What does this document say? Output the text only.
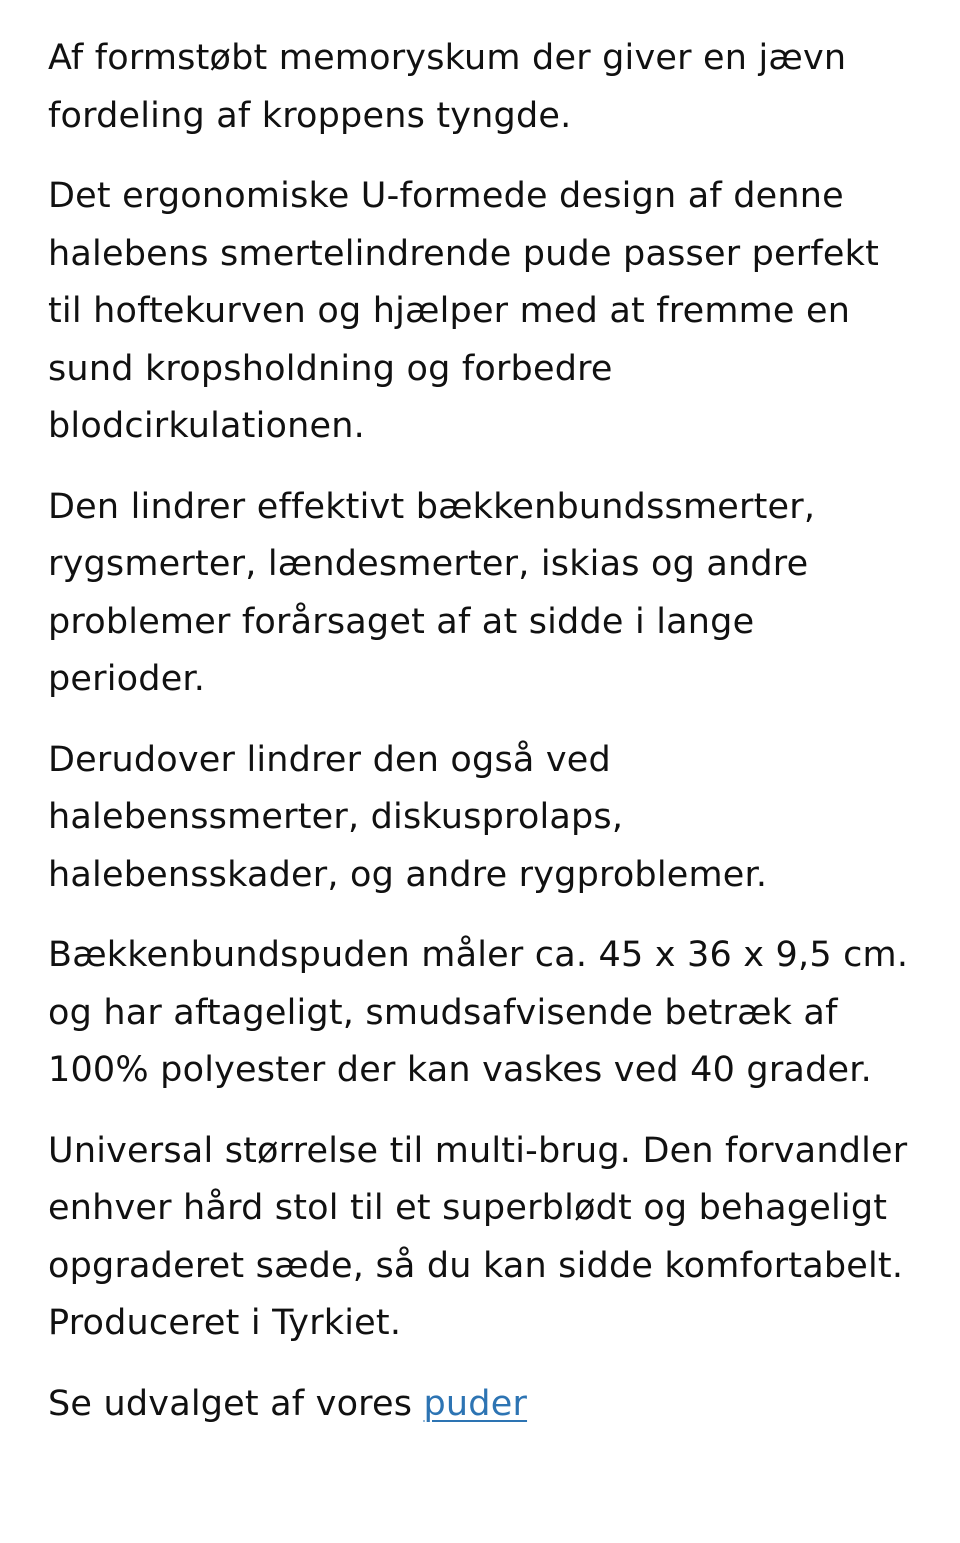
Af formstøbt memoryskum der giver en jævn fordeling af kroppens tyngde.

Det ergonomiske U-formede design af denne halebens smertelindrende pude passer perfekt til hoftekurven og hjælper med at fremme en sund kropsholdning og forbedre blodcirkulationen.

Den lindrer effektivt bækkenbundssmerter, rygsmerter, lændesmerter, iskias og andre problemer forårsaget af at sidde i lange perioder.

Derudover lindrer den også ved halebenssmerter, diskusprolaps, halebensskader, og andre rygproblemer.

Bækkenbundspuden måler ca. 45 x 36 x 9,5 cm. og har aftageligt, smudsafvisende betræk af 100% polyester der kan vaskes ved 40 grader.

Universal størrelse til multi-brug. Den forvandler enhver hård stol til et superblødt og behageligt opgraderet sæde, så du kan sidde komfortabelt. Produceret i Tyrkiet.

Se udvalget af vores puder
